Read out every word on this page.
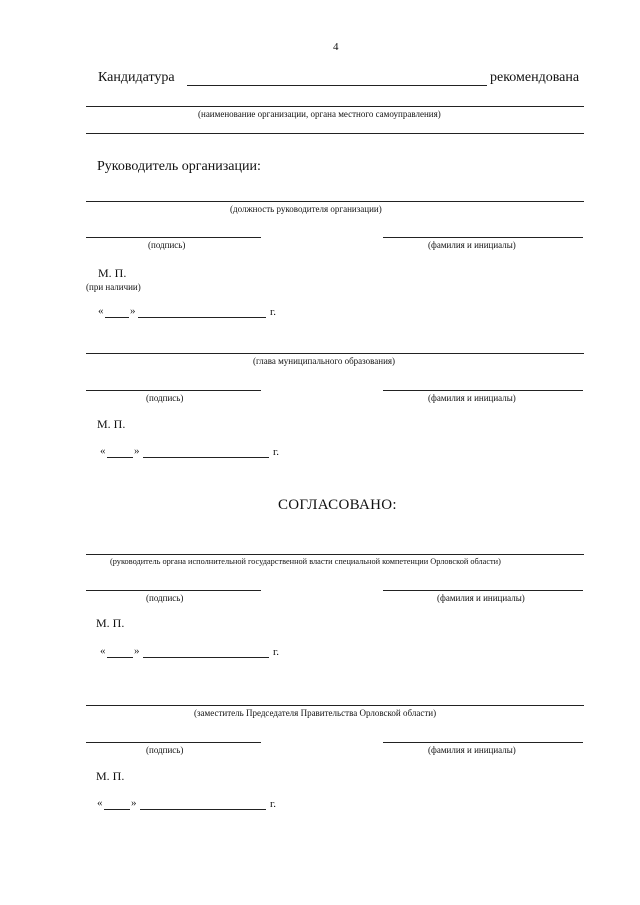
4
Кандидатура	рекомендована
(наименование организации, органа местного самоуправления)
Руководитель организации:
(должность руководителя организации)
(подпись)	(фамилия и инициалы)
М. П.
(при наличии)
« »	г.
(глава муниципального образования)
(подпись)	(фамилия и инициалы)
М. П.
«	»	г.
СОГЛАСОВАНО:
(руководитель органа исполнительной государственной власти специальной компетенции Орловской области)
(подпись)	(фамилия и инициалы)
М. П.
«	»	г.
(заместитель Председателя Правительства Орловской области)
(подпись)	(фамилия и инициалы)
М. П.
«	»	г.
